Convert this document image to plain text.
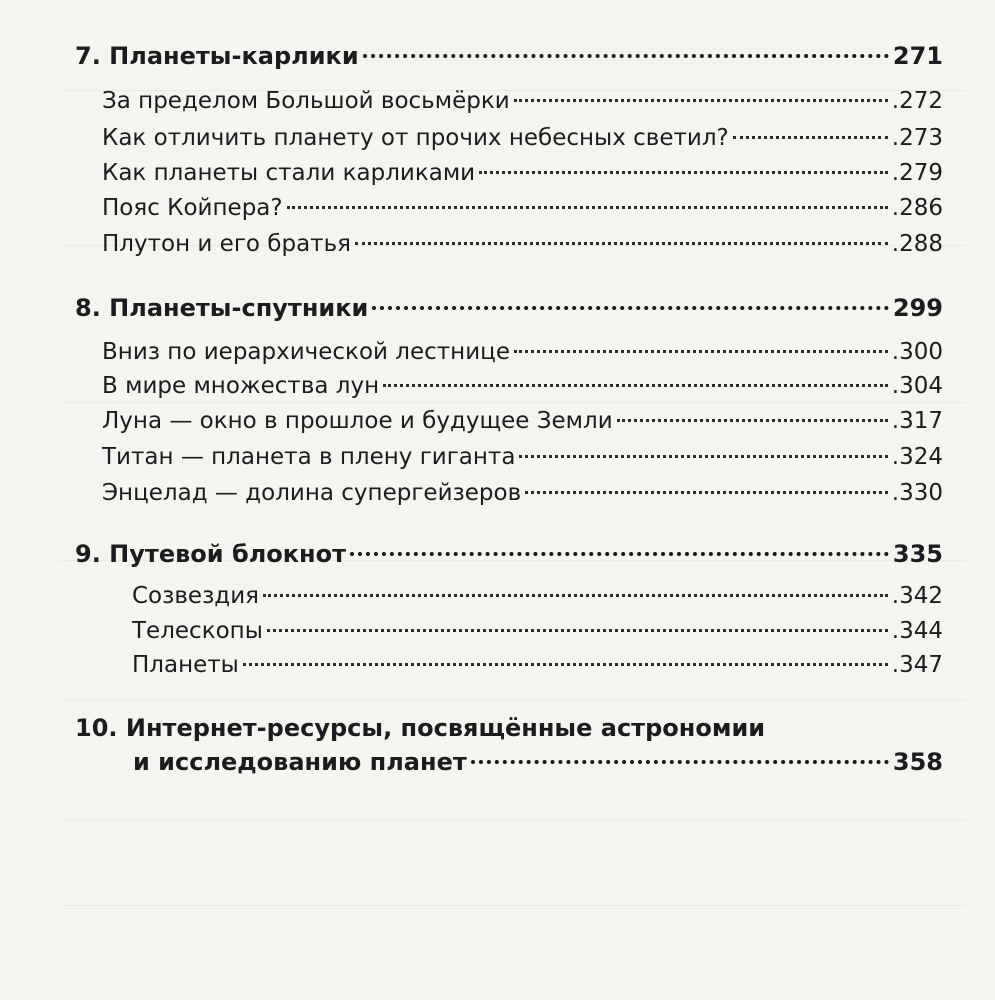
7. Планеты-карлики	271
За пределом Большой восьмёрки	.272
Как отличить планету от прочих небесных светил?	.273
Как планеты стали карликами	.279
Пояс Койпера?	.286
Плутон и его братья	.288
8. Планеты-спутники	299
Вниз по иерархической лестнице	.300
В мире множества лун	.304
Луна — окно в прошлое и будущее Земли	.317
Титан — планета в плену гиганта	.324
Энцелад — долина супергейзеров	.330
9. Путевой блокнот	335
Созвездия	.342
Телескопы	.344
Планеты	.347
10. Интернет-ресурсы, посвящённые астрономии
и исследованию планет	358
